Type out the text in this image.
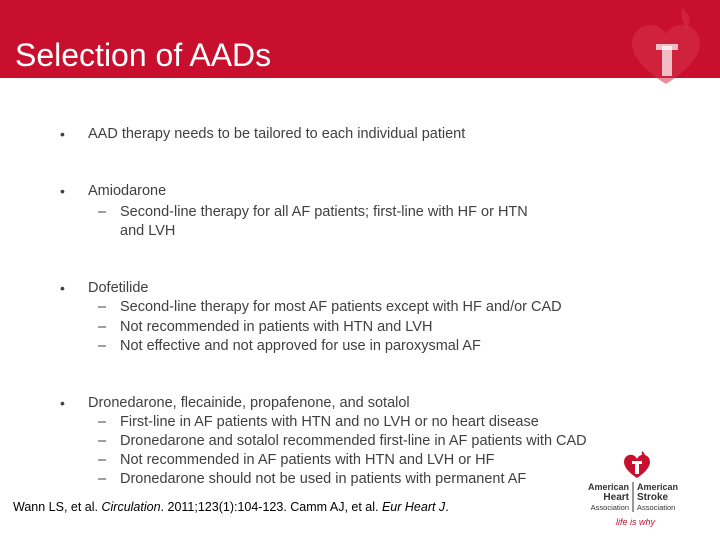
Selection of AADs
• AAD therapy needs to be tailored to each individual patient
• Amiodarone
– Second-line therapy for all AF patients; first-line with HF or HTN
and LVH
• Dofetilide
– Second-line therapy for most AF patients except with HF and/or CAD
– Not recommended in patients with HTN and LVH
– Not effective and not approved for use in paroxysmal AF
• Dronedarone, flecainide, propafenone, and sotalol
– First-line in AF patients with HTN and no LVH or no heart disease
– Dronedarone and sotalol recommended first-line in AF patients with CAD
– Not recommended in AF patients with HTN and LVH or HF
– Dronedarone should not be used in patients with permanent AF
Wann LS, et al. Circulation. 2011;123(1):104-123. Camm AJ, et al. Eur Heart J.
American
Heart
Association
American
Stroke
Association
life is why
